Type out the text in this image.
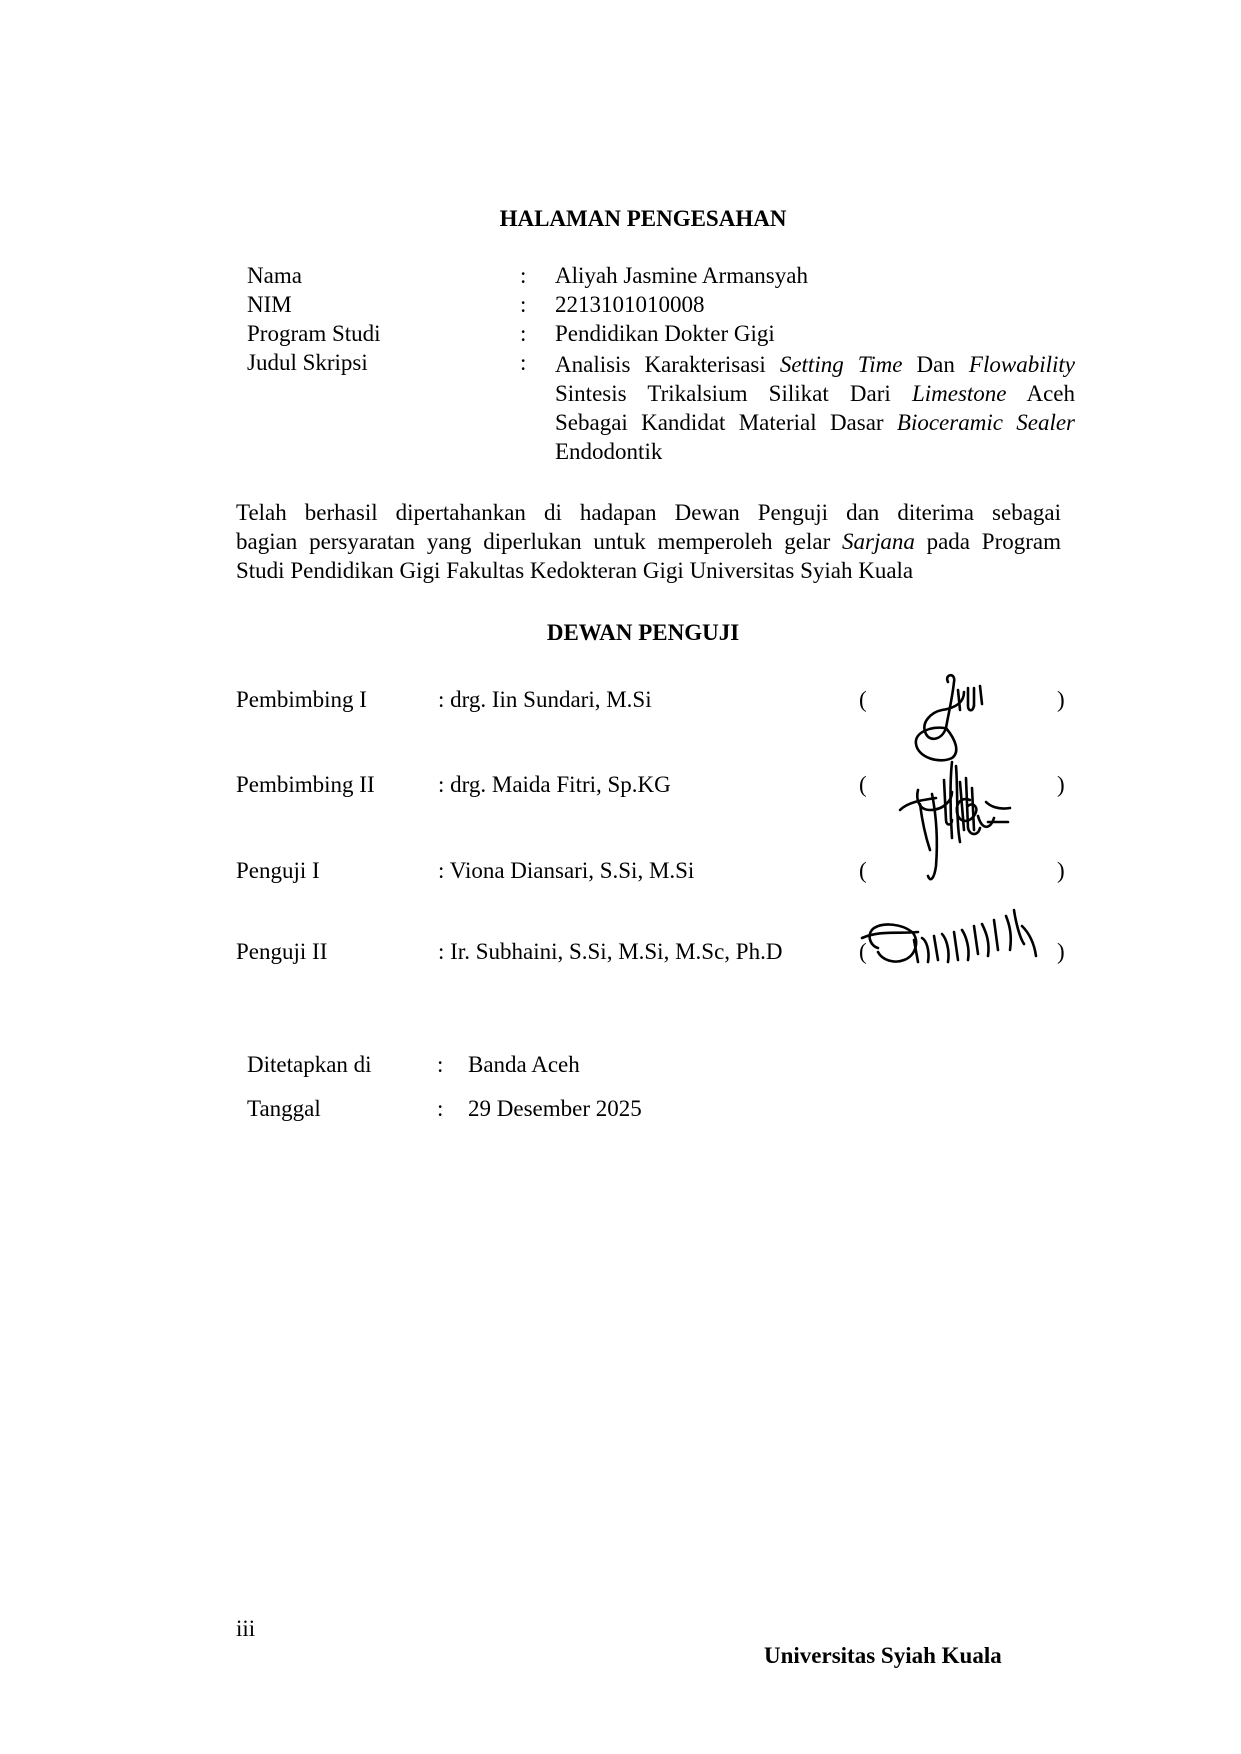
HALAMAN PENGESAHAN
Nama	: Aliyah Jasmine Armansyah
NIM	: 2213101010008
Program Studi	: Pendidikan Dokter Gigi
Judul Skripsi	: Analisis Karakterisasi Setting Time Dan Flowability
Sintesis Trikalsium Silikat Dari Limestone Aceh
Sebagai Kandidat Material Dasar Bioceramic Sealer
Endodontik
Telah berhasil dipertahankan di hadapan Dewan Penguji dan diterima sebagai
bagian persyaratan yang diperlukan untuk memperoleh gelar Sarjana pada Program
Studi Pendidikan Gigi Fakultas Kedokteran Gigi Universitas Syiah Kuala
DEWAN PENGUJI
Pembimbing I	: drg. Iin Sundari, M.Si	(	)
Pembimbing II	: drg. Maida Fitri, Sp.KG	(	)
Penguji I	: Viona Diansari, S.Si, M.Si	(	)
Penguji II	: Ir. Subhaini, S.Si, M.Si, M.Sc, Ph.D	(	)
Ditetapkan di	: Banda Aceh
Tanggal	: 29 Desember 2025
iii
Universitas Syiah Kuala
